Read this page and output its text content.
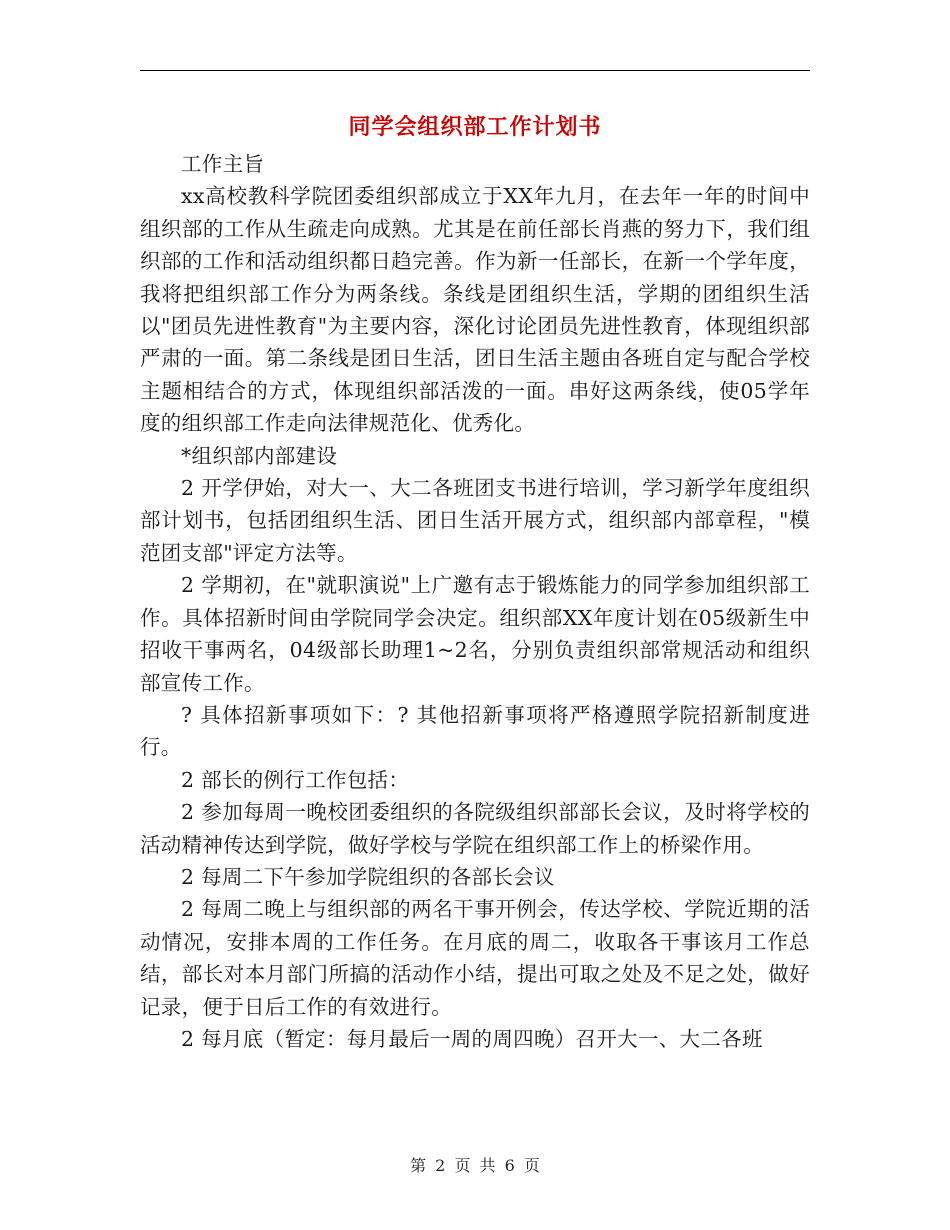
同学会组织部工作计划书

工作主旨

xx高校教科学院团委组织部成立于XX年九月，在去年一年的时间中组织部的工作从生疏走向成熟。尤其是在前任部长肖燕的努力下，我们组织部的工作和活动组织都日趋完善。作为新一任部长，在新一个学年度，我将把组织部工作分为两条线。条线是团组织生活，学期的团组织生活以"团员先进性教育"为主要内容，深化讨论团员先进性教育，体现组织部严肃的一面。第二条线是团日生活，团日生活主题由各班自定与配合学校主题相结合的方式，体现组织部活泼的一面。串好这两条线，使05学年度的组织部工作走向法律规范化、优秀化。

*组织部内部建设

2 开学伊始，对大一、大二各班团支书进行培训，学习新学年度组织部计划书，包括团组织生活、团日生活开展方式，组织部内部章程，"模范团支部"评定方法等。

2 学期初，在"就职演说"上广邀有志于锻炼能力的同学参加组织部工作。具体招新时间由学院同学会决定。组织部XX年度计划在05级新生中招收干事两名，04级部长助理1~2名，分别负责组织部常规活动和组织部宣传工作。

? 具体招新事项如下：? 其他招新事项将严格遵照学院招新制度进行。

2 部长的例行工作包括：

2 参加每周一晚校团委组织的各院级组织部部长会议，及时将学校的活动精神传达到学院，做好学校与学院在组织部工作上的桥梁作用。

2 每周二下午参加学院组织的各部长会议

2 每周二晚上与组织部的两名干事开例会，传达学校、学院近期的活动情况，安排本周的工作任务。在月底的周二，收取各干事该月工作总结，部长对本月部门所搞的活动作小结，提出可取之处及不足之处，做好记录，便于日后工作的有效进行。

2 每月底（暂定：每月最后一周的周四晚）召开大一、大二各班

第 2 页 共 6 页
